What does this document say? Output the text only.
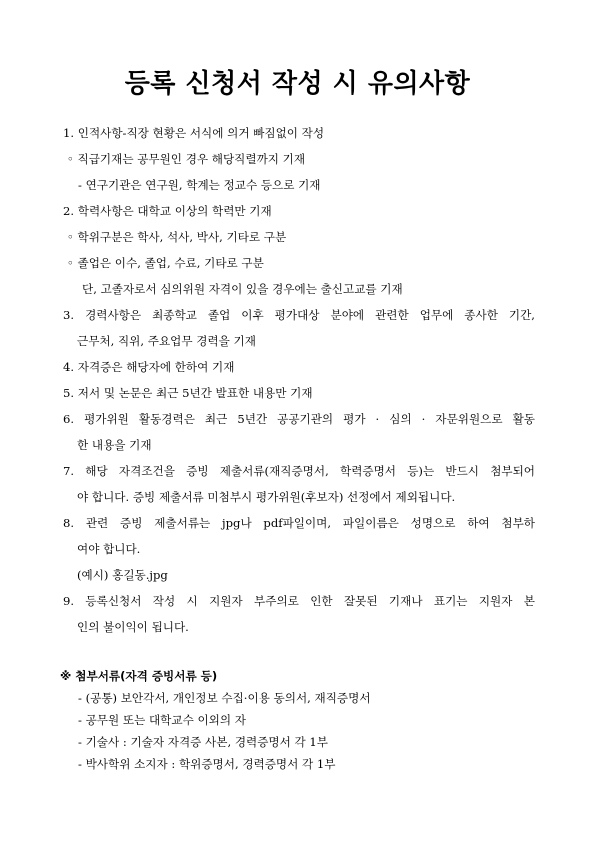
등록 신청서 작성 시 유의사항
1. 인적사항-직장 현황은 서식에 의거 빠짐없이 작성
◦ 직급기재는 공무원인 경우 해당직렬까지 기재
- 연구기관은 연구원, 학계는 정교수 등으로 기재
2. 학력사항은 대학교 이상의 학력만 기재
◦ 학위구분은 학사, 석사, 박사, 기타로 구분
◦ 졸업은 이수, 졸업, 수료, 기타로 구분
단, 고졸자로서 심의위원 자격이 있을 경우에는 출신고교를 기재
3. 경력사항은 최종학교 졸업 이후 평가대상 분야에 관련한 업무에 종사한 기간,
근무처, 직위, 주요업무 경력을 기재
4. 자격증은 해당자에 한하여 기재
5. 저서 및 논문은 최근 5년간 발표한 내용만 기재
6. 평가위원 활동경력은 최근 5년간 공공기관의 평가 · 심의 · 자문위원으로 활동
한 내용을 기재
7. 해당 자격조건을 증빙 제출서류(재직증명서, 학력증명서 등)는 반드시 첨부되어
야 합니다. 증빙 제출서류 미첨부시 평가위원(후보자) 선정에서 제외됩니다.
8. 관련 증빙 제출서류는 jpg나 pdf파일이며, 파일이름은 성명으로 하여 첨부하
여야 합니다.
(예시) 홍길동.jpg
9. 등록신청서 작성 시 지원자 부주의로 인한 잘못된 기재나 표기는 지원자 본
인의 불이익이 됩니다.
※ 첨부서류(자격 증빙서류 등)
- (공통) 보안각서, 개인정보 수집·이용 동의서, 재직증명서
- 공무원 또는 대학교수 이외의 자
- 기술사 : 기술자 자격증 사본, 경력증명서 각 1부
- 박사학위 소지자 : 학위증명서, 경력증명서 각 1부
